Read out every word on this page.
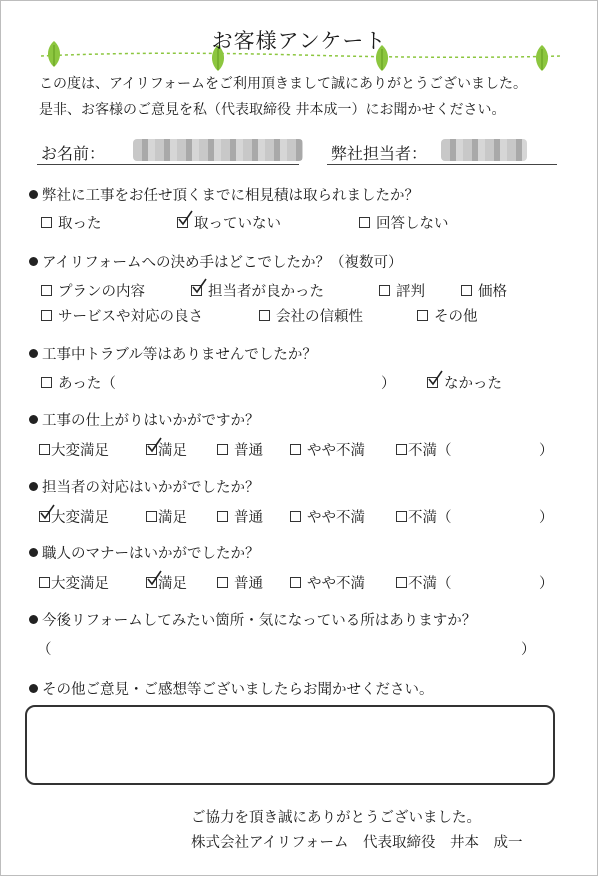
お客様アンケート
この度は、アイリフォームをご利用頂きまして誠にありがとうございました。
是非、お客様のご意見を私（代表取締役 井本成一）にお聞かせください。
お名前：	弊社担当者：
弊社に工事をお任せ頂くまでに相見積は取られましたか？
取った	取っていない	回答しない
アイリフォームへの決め手はどこでしたか？（複数可）
プランの内容	担当者が良かった	評判	価格
サービスや対応の良さ	会社の信頼性	その他
工事中トラブル等はありませんでしたか？
あった（	）	なかった
工事の仕上がりはいかがですか？
大変満足	満足	普通	やや不満	不満（	）
担当者の対応はいかがでしたか？
大変満足	満足	普通	やや不満	不満（	）
職人のマナーはいかがでしたか？
大変満足	満足	普通	やや不満	不満（	）
今後リフォームしてみたい箇所・気になっている所はありますか？
（	）
その他ご意見・ご感想等ございましたらお聞かせください。
ご協力を頂き誠にありがとうございました。
株式会社アイリフォーム　代表取締役　井本　成一
